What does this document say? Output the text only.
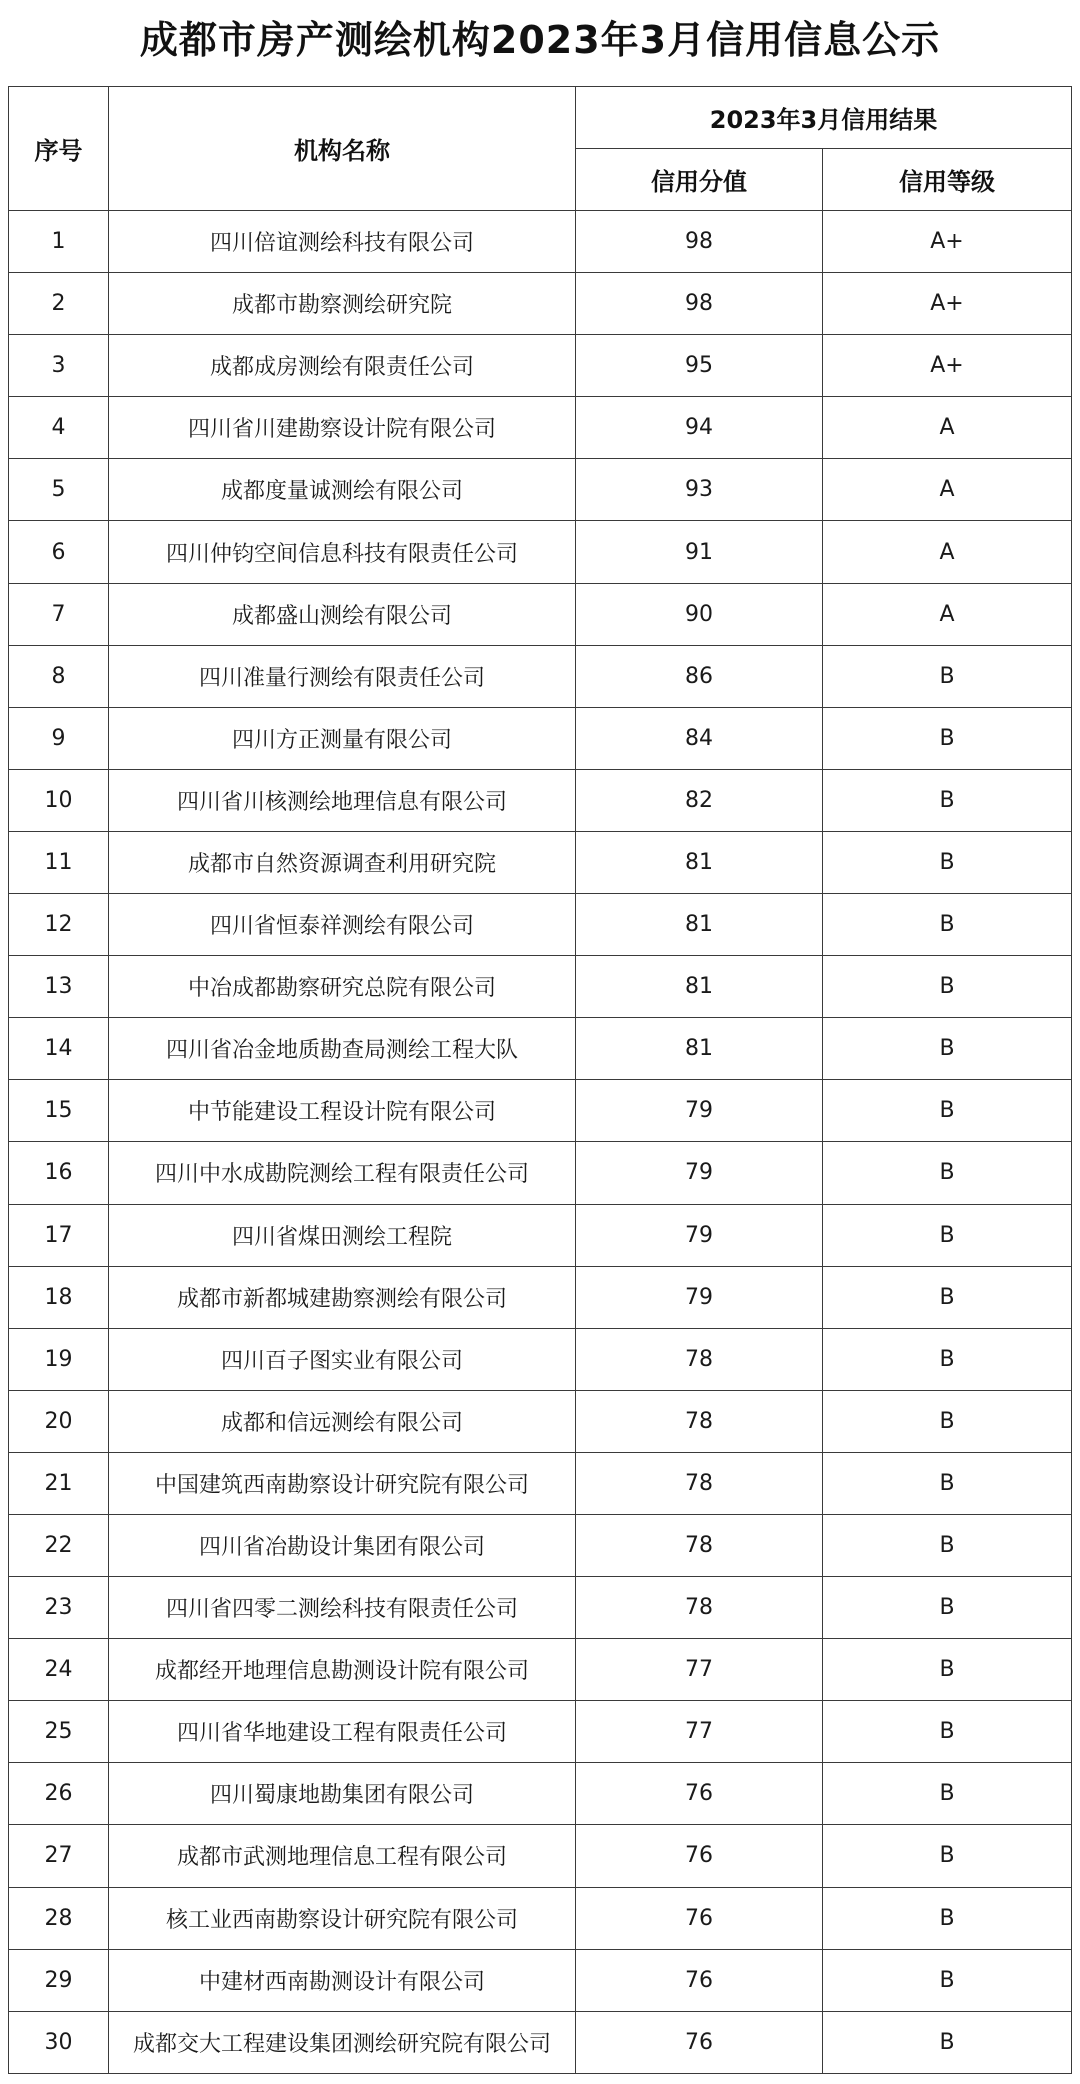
成都市房产测绘机构2023年3月信用信息公示
序号	机构名称	2023年3月信用结果	
		信用分值	信用等级
1	四川倍谊测绘科技有限公司	98	A+
2	成都市勘察测绘研究院	98	A+
3	成都成房测绘有限责任公司	95	A+
4	四川省川建勘察设计院有限公司	94	A
5	成都度量诚测绘有限公司	93	A
6	四川仲钧空间信息科技有限责任公司	91	A
7	成都盛山测绘有限公司	90	A
8	四川准量行测绘有限责任公司	86	B
9	四川方正测量有限公司	84	B
10	四川省川核测绘地理信息有限公司	82	B
11	成都市自然资源调查利用研究院	81	B
12	四川省恒泰祥测绘有限公司	81	B
13	中冶成都勘察研究总院有限公司	81	B
14	四川省冶金地质勘查局测绘工程大队	81	B
15	中节能建设工程设计院有限公司	79	B
16	四川中水成勘院测绘工程有限责任公司	79	B
17	四川省煤田测绘工程院	79	B
18	成都市新都城建勘察测绘有限公司	79	B
19	四川百子图实业有限公司	78	B
20	成都和信远测绘有限公司	78	B
21	中国建筑西南勘察设计研究院有限公司	78	B
22	四川省冶勘设计集团有限公司	78	B
23	四川省四零二测绘科技有限责任公司	78	B
24	成都经开地理信息勘测设计院有限公司	77	B
25	四川省华地建设工程有限责任公司	77	B
26	四川蜀康地勘集团有限公司	76	B
27	成都市武测地理信息工程有限公司	76	B
28	核工业西南勘察设计研究院有限公司	76	B
29	中建材西南勘测设计有限公司	76	B
30	成都交大工程建设集团测绘研究院有限公司	76	B
